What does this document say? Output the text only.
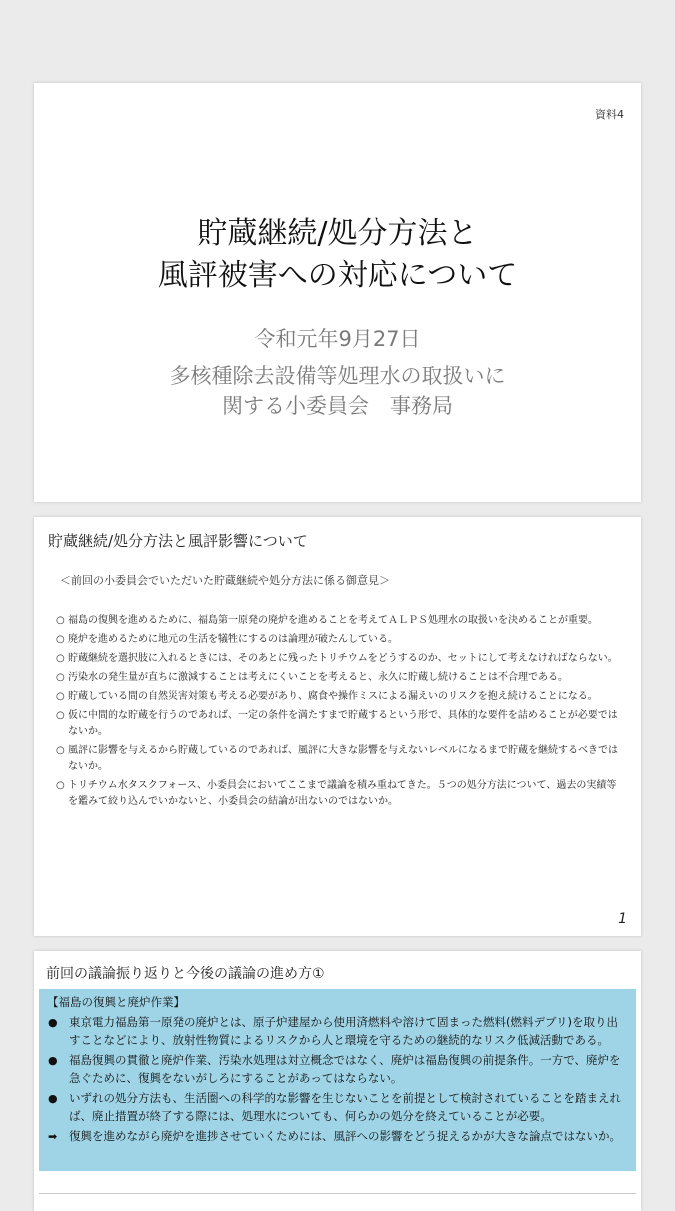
資料4
貯蔵継続/処分方法と
風評被害への対応について
令和元年9月27日
多核種除去設備等処理水の取扱いに
関する小委員会　事務局
貯蔵継続/処分方法と風評影響について
＜前回の小委員会でいただいた貯蔵継続や処分方法に係る御意見＞
○ 福島の復興を進めるために、福島第一原発の廃炉を進めることを考えてＡＬＰＳ処理水の取扱いを決めることが重要。
○ 廃炉を進めるために地元の生活を犠牲にするのは論理が破たんしている。
○ 貯蔵継続を選択肢に入れるときには、そのあとに残ったトリチウムをどうするのか、セットにして考えなければならない。
○ 汚染水の発生量が直ちに激減することは考えにくいことを考えると、永久に貯蔵し続けることは不合理である。
○ 貯蔵している間の自然災害対策も考える必要があり、腐食や操作ミスによる漏えいのリスクを抱え続けることになる。
○ 仮に中間的な貯蔵を行うのであれば、一定の条件を満たすまで貯蔵するという形で、具体的な要件を詰めることが必要ではないか。
○ 風評に影響を与えるから貯蔵しているのであれば、風評に大きな影響を与えないレベルになるまで貯蔵を継続するべきではないか。
○ トリチウム水タスクフォース、小委員会においてここまで議論を積み重ねてきた。５つの処分方法について、過去の実績等を鑑みて絞り込んでいかないと、小委員会の結論が出ないのではないか。
1
前回の議論振り返りと今後の議論の進め方①
【福島の復興と廃炉作業】
● 東京電力福島第一原発の廃炉とは、原子炉建屋から使用済燃料や溶けて固まった燃料(燃料デブリ)を取り出すことなどにより、放射性物質によるリスクから人と環境を守るための継続的なリスク低減活動である。
● 福島復興の貫徹と廃炉作業、汚染水処理は対立概念ではなく、廃炉は福島復興の前提条件。一方で、廃炉を急ぐために、復興をないがしろにすることがあってはならない。
● いずれの処分方法も、生活圏への科学的な影響を生じないことを前提として検討されていることを踏まえれば、廃止措置が終了する際には、処理水についても、何らかの処分を終えていることが必要。
➡ 復興を進めながら廃炉を進捗させていくためには、風評への影響をどう捉えるかが大きな論点ではないか。
